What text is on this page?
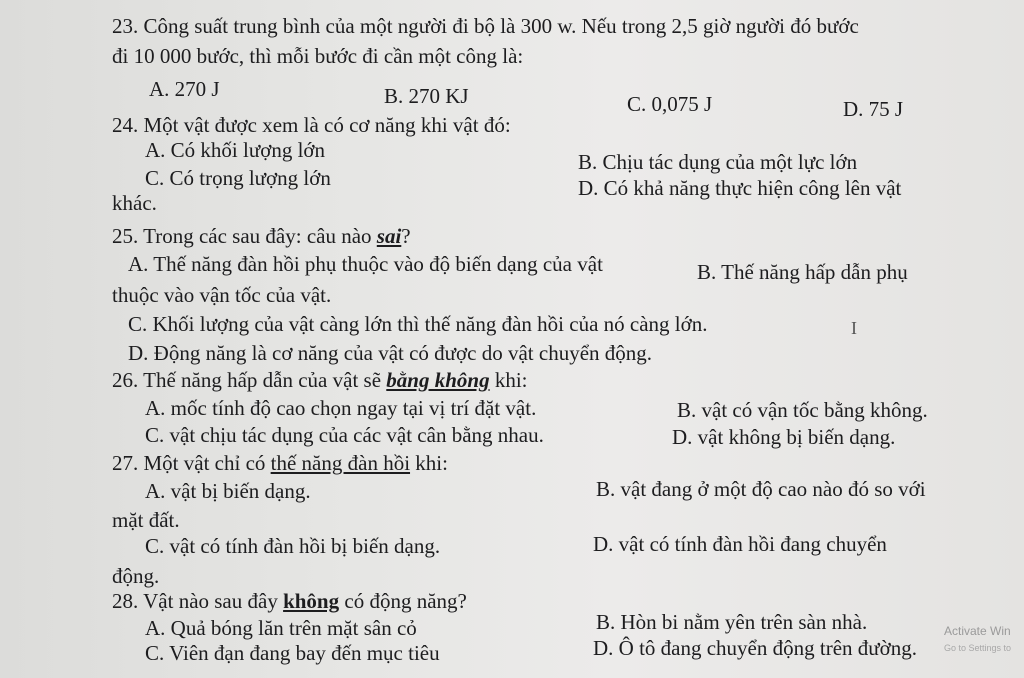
23. Công suất trung bình của một người đi bộ là 300 w. Nếu trong 2,5 giờ người đó bước
đi 10 000 bước, thì mỗi bước đi cần một công là:
A. 270 J	B. 270 KJ	C. 0,075 J	D. 75 J
24. Một vật được xem là có cơ năng khi vật đó:
A. Có khối lượng lớn	B. Chịu tác dụng của một lực lớn
C. Có trọng lượng lớn	D. Có khả năng thực hiện công lên vật
khác.
25. Trong các sau đây: câu nào sai?
A. Thế năng đàn hồi phụ thuộc vào độ biến dạng của vật	B. Thế năng hấp dẫn phụ
thuộc vào vận tốc của vật.
C. Khối lượng của vật càng lớn thì thế năng đàn hồi của nó càng lớn.
D. Động năng là cơ năng của vật có được do vật chuyển động.
26. Thế năng hấp dẫn của vật sẽ bằng không khi:
A. mốc tính độ cao chọn ngay tại vị trí đặt vật.	B. vật có vận tốc bằng không.
C. vật chịu tác dụng của các vật cân bằng nhau.	D. vật không bị biến dạng.
27. Một vật chỉ có thế năng đàn hồi khi:
A. vật bị biến dạng.	B. vật đang ở một độ cao nào đó so với
mặt đất.
C. vật có tính đàn hồi bị biến dạng.	D. vật có tính đàn hồi đang chuyển
động.
28. Vật nào sau đây không có động năng?
A. Quả bóng lăn trên mặt sân cỏ	B. Hòn bi nằm yên trên sàn nhà.
C. Viên đạn đang bay đến mục tiêu	D. Ô tô đang chuyển động trên đường.
I
Activate Win
Go to Settings to
